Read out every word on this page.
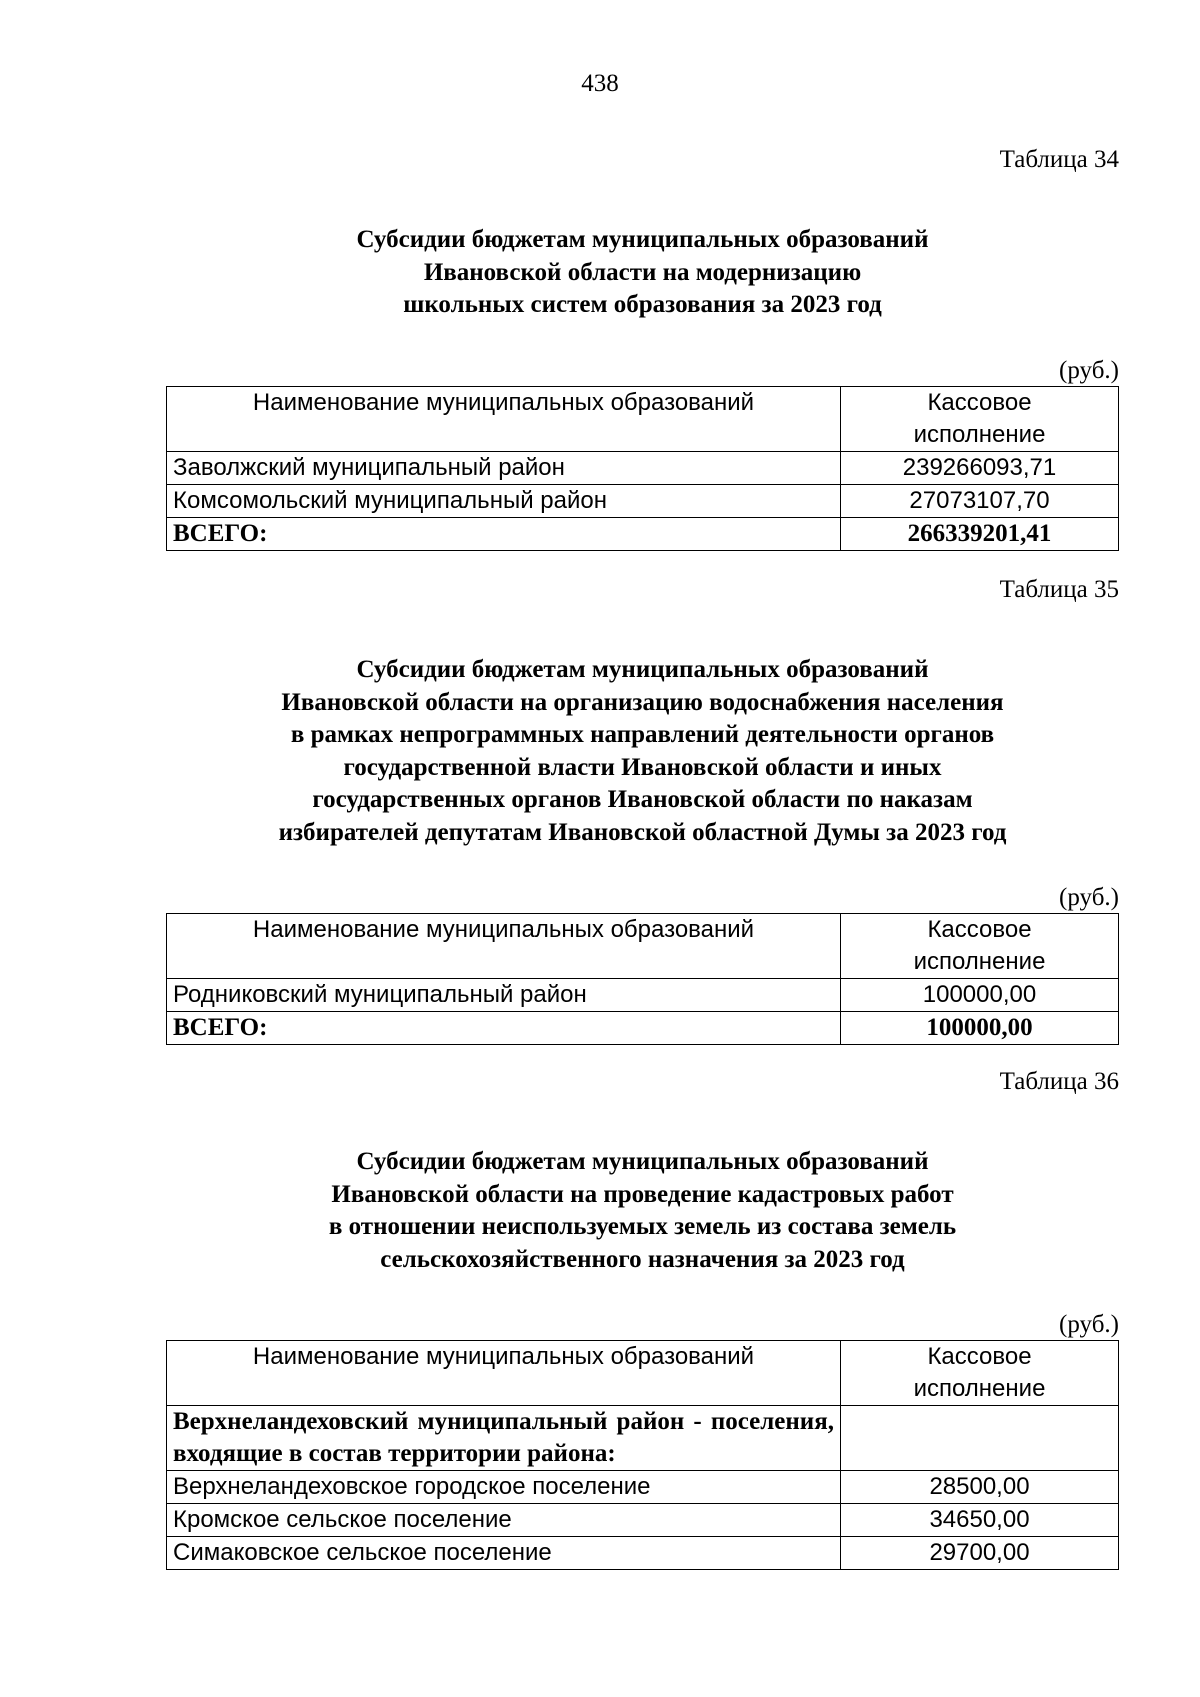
438
Таблица 34
Субсидии бюджетам муниципальных образований
Ивановской области на модернизацию
школьных систем образования за 2023 год
(руб.)
Наименование муниципальных образований	Кассовое
исполнение

Заволжский муниципальный район	239266093,71
Комсомольский муниципальный район	27073107,70
ВСЕГО:	266339201,41
Таблица 35
Субсидии бюджетам муниципальных образований
Ивановской области на организацию водоснабжения населения
в рамках непрограммных направлений деятельности органов
государственной власти Ивановской области и иных
государственных органов Ивановской области по наказам
избирателей депутатам Ивановской областной Думы за 2023 год
(руб.)
Наименование муниципальных образований	Кассовое
исполнение

Родниковский муниципальный район	100000,00
ВСЕГО:	100000,00
Таблица 36
Субсидии бюджетам муниципальных образований
Ивановской области на проведение кадастровых работ
в отношении неиспользуемых земель из состава земель
сельскохозяйственного назначения за 2023 год
(руб.)
Наименование муниципальных образований	Кассовое
исполнение

Верхнеландеховский муниципальный район - поселения, входящие в состав территории района:	
Верхнеландеховское городское поселение	28500,00
Кромское сельское поселение	34650,00
Симаковское сельское поселение	29700,00
